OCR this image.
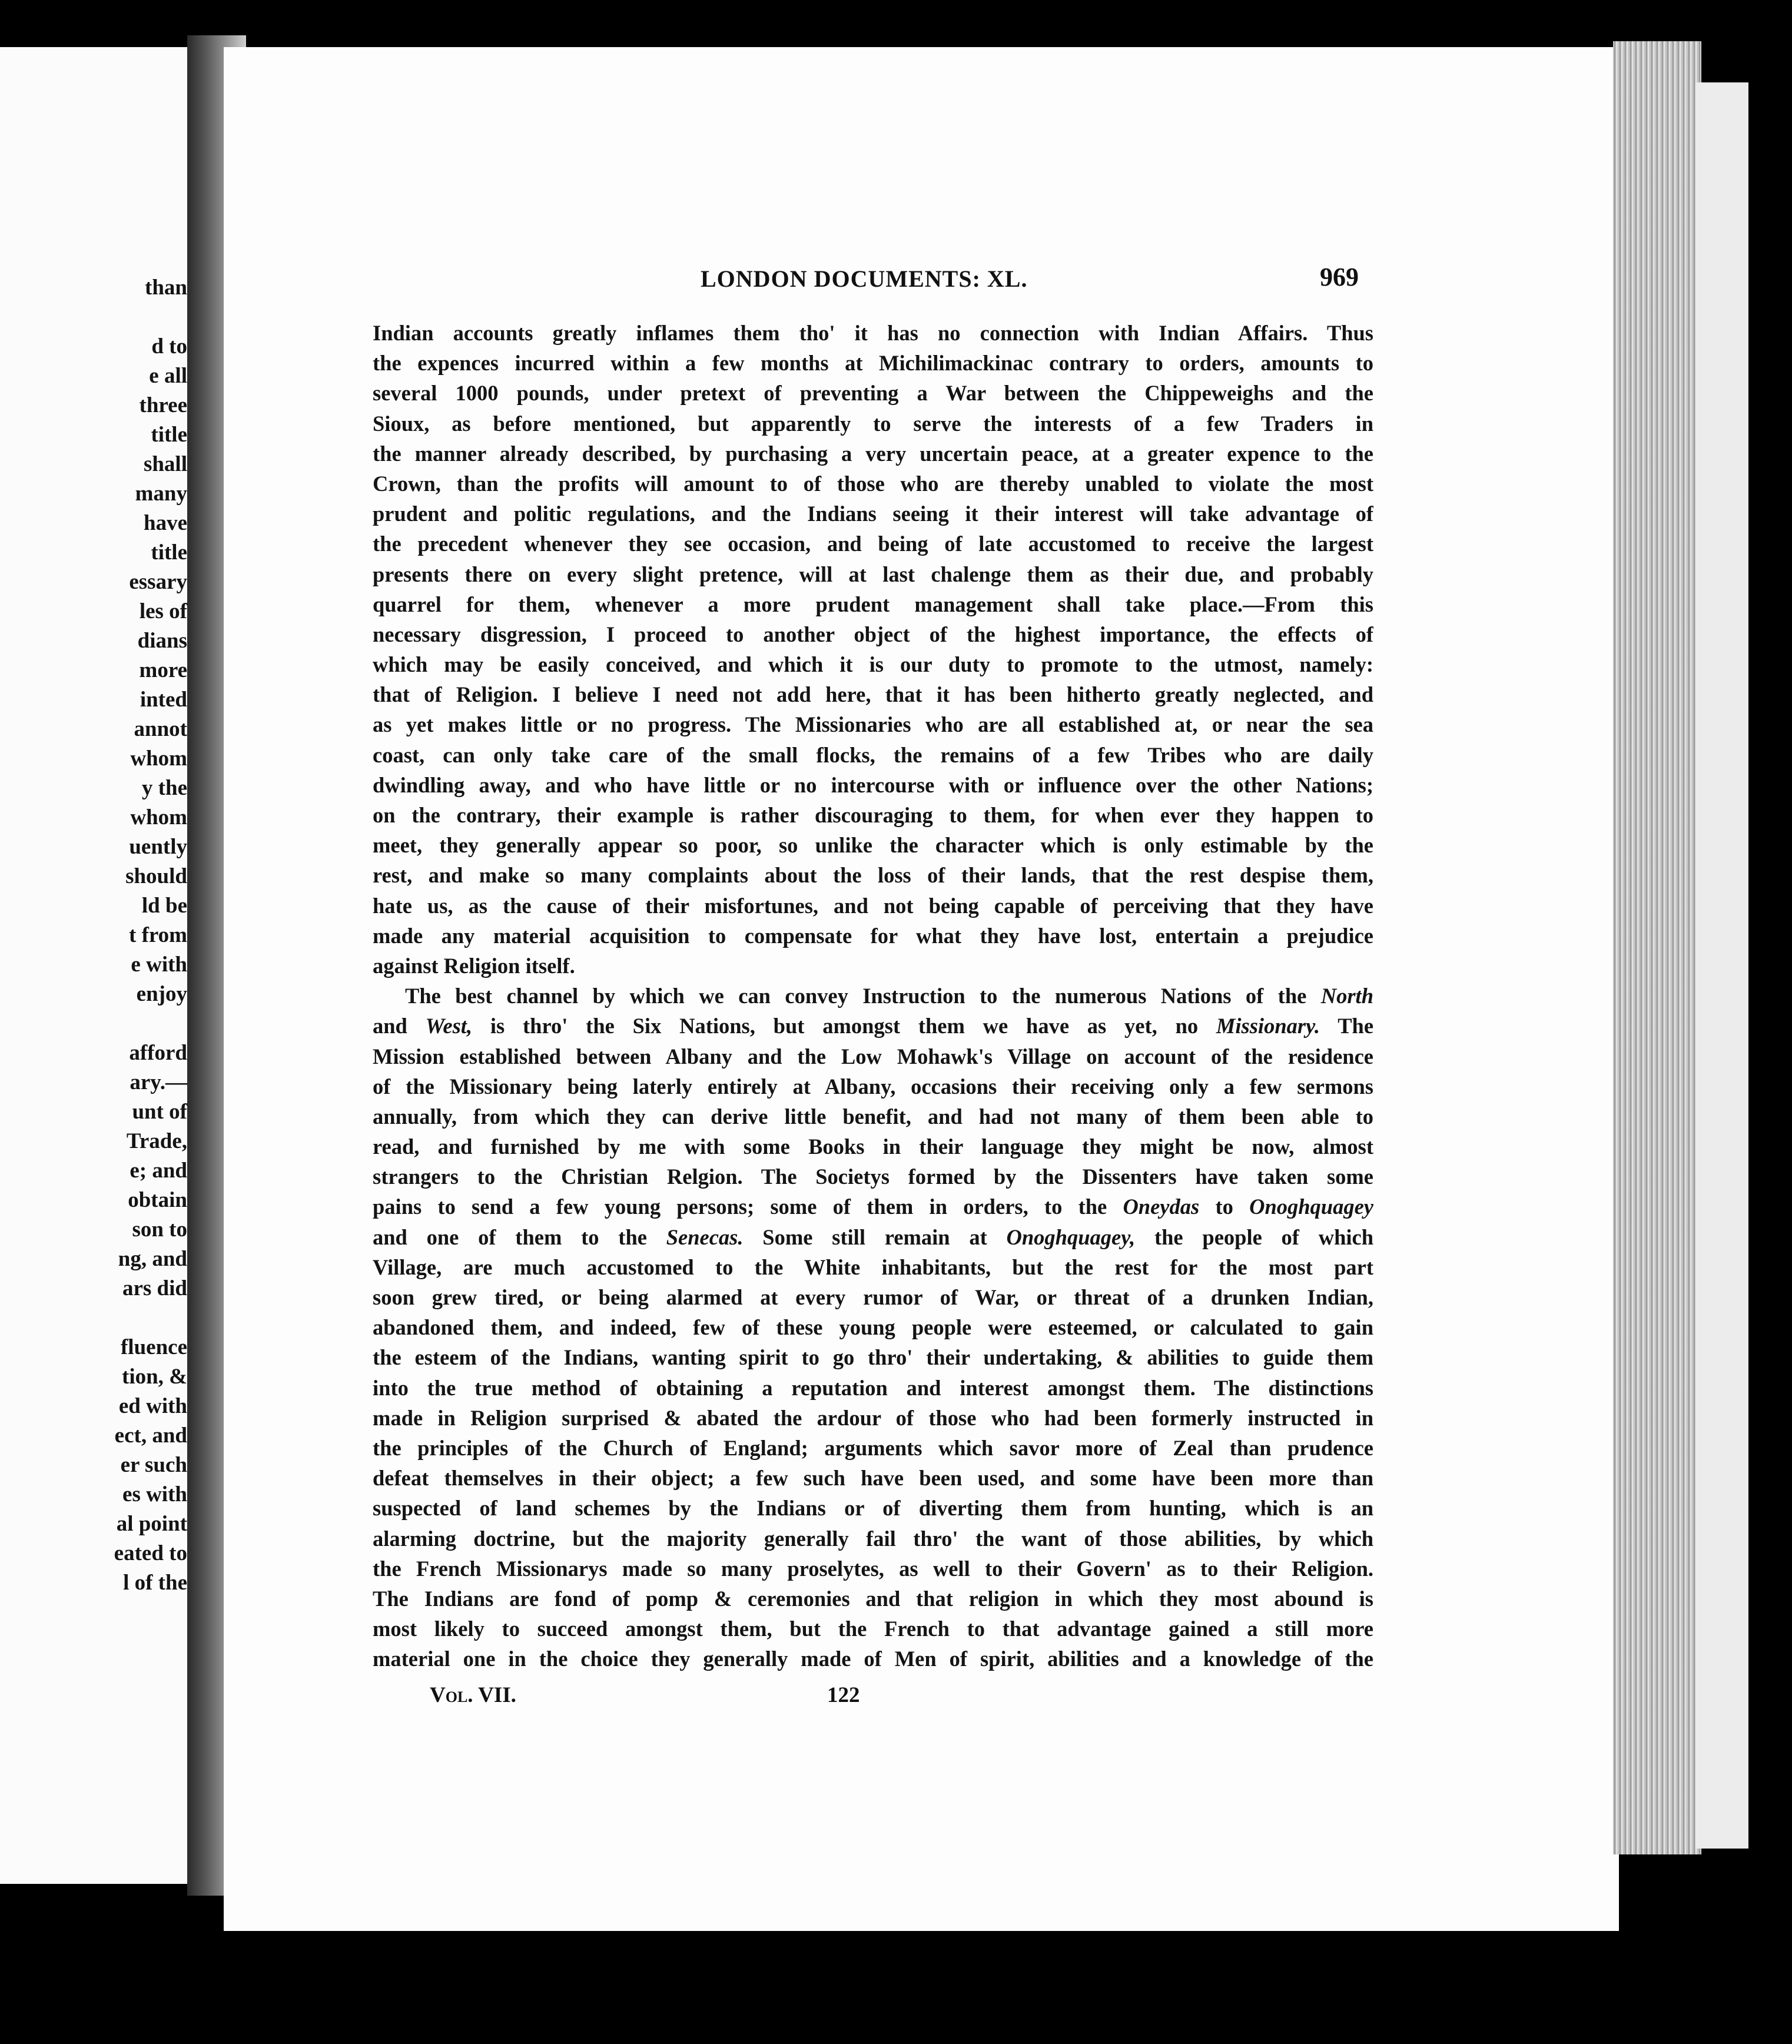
than
d to
e all
three
title
shall
many
have
title
essary
les of
dians
more
inted
annot
whom
y the
whom
uently
should
ld be
t from
e with
enjoy
afford
ary.—
unt of
Trade,
e; and
obtain
son to
ng, and
ars did
fluence
tion, &
ed with
ect, and
er such
es with
al point
eated to
l of the
LONDON DOCUMENTS: XL.	969
Indian accounts greatly inflames them tho' it has no connection with Indian Affairs. Thus
the expences incurred within a few months at Michilimackinac contrary to orders, amounts to
several 1000 pounds, under pretext of preventing a War between the Chippeweighs and the
Sioux, as before mentioned, but apparently to serve the interests of a few Traders in
the manner already described, by purchasing a very uncertain peace, at a greater expence to the
Crown, than the profits will amount to of those who are thereby unabled to violate the most
prudent and politic regulations, and the Indians seeing it their interest will take advantage of
the precedent whenever they see occasion, and being of late accustomed to receive the largest
presents there on every slight pretence, will at last chalenge them as their due, and probably
quarrel for them, whenever a more prudent management shall take place.—From this
necessary disgression, I proceed to another object of the highest importance, the effects of
which may be easily conceived, and which it is our duty to promote to the utmost, namely:
that of Religion. I believe I need not add here, that it has been hitherto greatly neglected, and
as yet makes little or no progress. The Missionaries who are all established at, or near the sea
coast, can only take care of the small flocks, the remains of a few Tribes who are daily
dwindling away, and who have little or no intercourse with or influence over the other Nations;
on the contrary, their example is rather discouraging to them, for when ever they happen to
meet, they generally appear so poor, so unlike the character which is only estimable by the
rest, and make so many complaints about the loss of their lands, that the rest despise them,
hate us, as the cause of their misfortunes, and not being capable of perceiving that they have
made any material acquisition to compensate for what they have lost, entertain a prejudice
against Religion itself.
The best channel by which we can convey Instruction to the numerous Nations of the North
and West, is thro' the Six Nations, but amongst them we have as yet, no Missionary. The
Mission established between Albany and the Low Mohawk's Village on account of the residence
of the Missionary being laterly entirely at Albany, occasions their receiving only a few sermons
annually, from which they can derive little benefit, and had not many of them been able to
read, and furnished by me with some Books in their language they might be now, almost
strangers to the Christian Relgion. The Societys formed by the Dissenters have taken some
pains to send a few young persons; some of them in orders, to the Oneydas to Onoghquagey
and one of them to the Senecas. Some still remain at Onoghquagey, the people of which
Village, are much accustomed to the White inhabitants, but the rest for the most part
soon grew tired, or being alarmed at every rumor of War, or threat of a drunken Indian,
abandoned them, and indeed, few of these young people were esteemed, or calculated to gain
the esteem of the Indians, wanting spirit to go thro' their undertaking, & abilities to guide them
into the true method of obtaining a reputation and interest amongst them. The distinctions
made in Religion surprised & abated the ardour of those who had been formerly instructed in
the principles of the Church of England; arguments which savor more of Zeal than prudence
defeat themselves in their object; a few such have been used, and some have been more than
suspected of land schemes by the Indians or of diverting them from hunting, which is an
alarming doctrine, but the majority generally fail thro' the want of those abilities, by which
the French Missionarys made so many proselytes, as well to their Govern' as to their Religion.
The Indians are fond of pomp & ceremonies and that religion in which they most abound is
most likely to succeed amongst them, but the French to that advantage gained a still more
material one in the choice they generally made of Men of spirit, abilities and a knowledge of the
Vol. VII.	122
